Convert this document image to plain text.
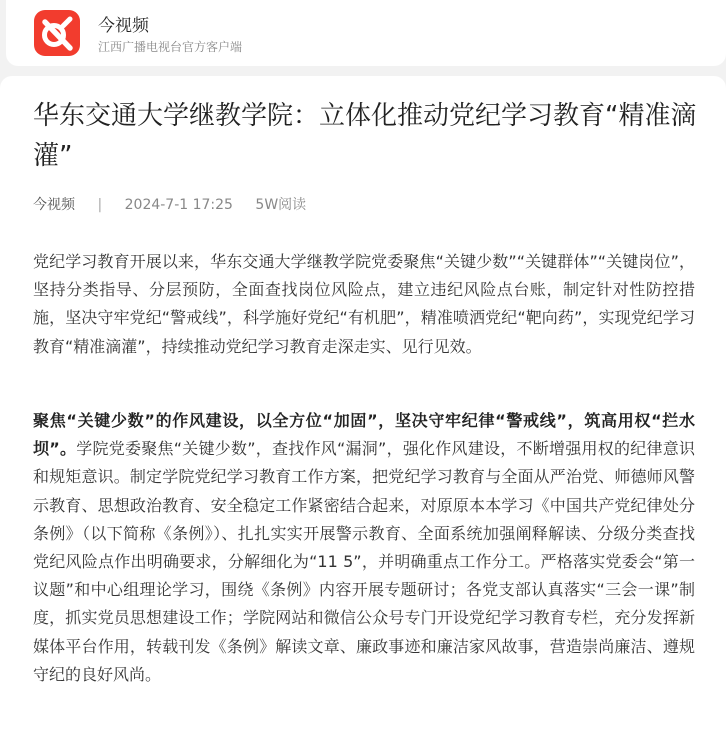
今视频
江西广播电视台官方客户端
华东交通大学继教学院：立体化推动党纪学习教育“精准滴灌”
今视频 | 2024-7-1 17:25 5W阅读

党纪学习教育开展以来，华东交通大学继教学院党委聚焦“关键少数”“关键群体”“关键岗位”，坚持分类指导、分层预防，全面查找岗位风险点，建立违纪风险点台账，制定针对性防控措施，坚决守牢党纪“警戒线”，科学施好党纪“有机肥”，精准喷洒党纪“靶向药”，实现党纪学习教育“精准滴灌”，持续推动党纪学习教育走深走实、见行见效。

聚焦“关键少数”的作风建设，以全方位“加固”，坚决守牢纪律“警戒线”，筑高用权“拦水坝”。学院党委聚焦“关键少数”，查找作风“漏洞”，强化作风建设，不断增强用权的纪律意识和规矩意识。制定学院党纪学习教育工作方案，把党纪学习教育与全面从严治党、师德师风警示教育、思想政治教育、安全稳定工作紧密结合起来，对原原本本学习《中国共产党纪律处分条例》（以下简称《条例》）、扎扎实实开展警示教育、全面系统加强阐释解读、分级分类查找党纪风险点作出明确要求，分解细化为“11 5”，并明确重点工作分工。严格落实党委会“第一议题”和中心组理论学习，围绕《条例》内容开展专题研讨；各党支部认真落实“三会一课”制度，抓实党员思想建设工作；学院网站和微信公众号专门开设党纪学习教育专栏，充分发挥新媒体平台作用，转载刊发《条例》解读文章、廉政事迹和廉洁家风故事，营造崇尚廉洁、遵规守纪的良好风尚。
